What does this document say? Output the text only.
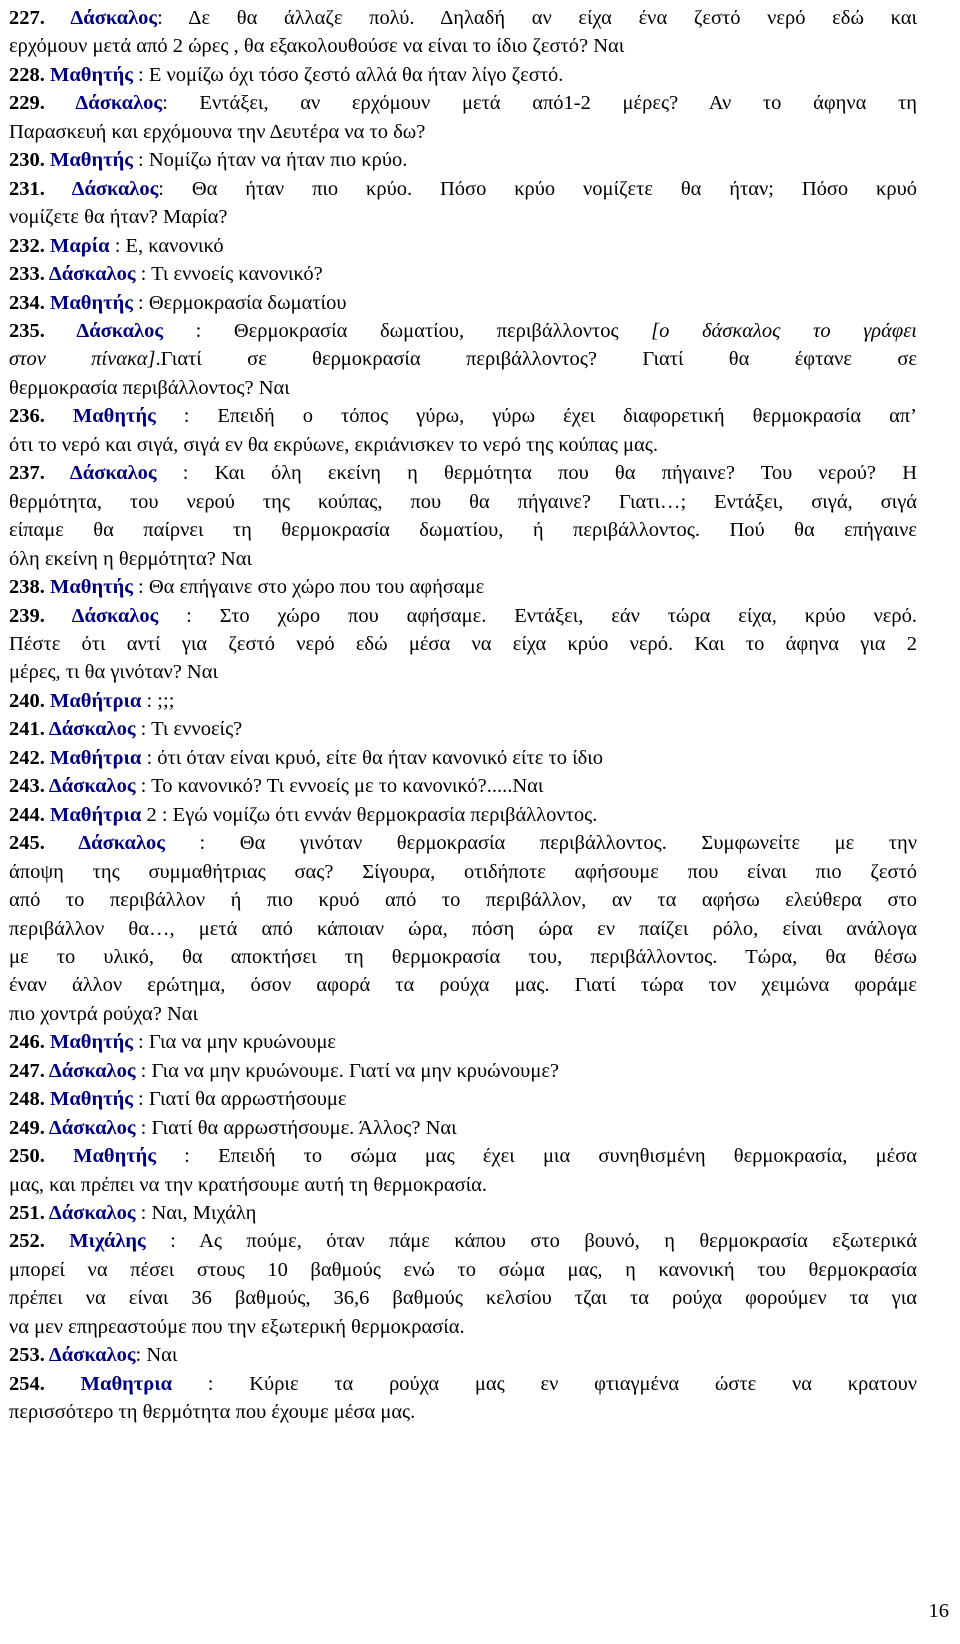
227. Δάσκαλος: Δε θα άλλαζε πολύ. Δηλαδή αν είχα ένα ζεστό νερό εδώ και
ερχόμουν μετά από 2 ώρες , θα εξακολουθούσε να είναι το ίδιο ζεστό? Ναι
228. Μαθητής : Ε νομίζω όχι τόσο ζεστό αλλά θα ήταν λίγο ζεστό.
229. Δάσκαλος: Εντάξει, αν ερχόμουν μετά από1-2 μέρες? Αν το άφηνα τη
Παρασκευή και ερχόμουνα την Δευτέρα να το δω?
230. Μαθητής : Νομίζω ήταν να ήταν πιο κρύο.
231. Δάσκαλος: Θα ήταν πιο κρύο. Πόσο κρύο νομίζετε θα ήταν; Πόσο κρυό
νομίζετε θα ήταν? Μαρία?
232. Μαρία : Ε, κανονικό
233. Δάσκαλος : Τι εννοείς κανονικό?
234. Μαθητής : Θερμοκρασία δωματίου
235. Δάσκαλος : Θερμοκρασία δωματίου, περιβάλλοντος [ο δάσκαλος το γράφει
στον πίνακα].Γιατί σε θερμοκρασία περιβάλλοντος? Γιατί θα έφτανε σε
θερμοκρασία περιβάλλοντος? Ναι
236. Μαθητής : Επειδή ο τόπος γύρω, γύρω έχει διαφορετική θερμοκρασία απ’
ότι το νερό και σιγά, σιγά εν θα εκρύωνε, εκριάνισκεν το νερό της κούπας μας.
237. Δάσκαλος : Και όλη εκείνη η θερμότητα που θα πήγαινε? Του νερού? Η
θερμότητα, του νερού της κούπας, που θα πήγαινε? Γιατι…; Εντάξει, σιγά, σιγά
είπαμε θα παίρνει τη θερμοκρασία δωματίου, ή περιβάλλοντος. Πού θα επήγαινε
όλη εκείνη η θερμότητα? Ναι
238. Μαθητής : Θα επήγαινε στο χώρο που του αφήσαμε
239. Δάσκαλος : Στο χώρο που αφήσαμε. Εντάξει, εάν τώρα είχα, κρύο νερό.
Πέστε ότι αντί για ζεστό νερό εδώ μέσα να είχα κρύο νερό. Και το άφηνα για 2
μέρες, τι θα γινόταν? Ναι
240. Μαθήτρια : ;;;
241. Δάσκαλος : Τι εννοείς?
242. Μαθήτρια : ότι όταν είναι κρυό, είτε θα ήταν κανονικό είτε το ίδιο
243. Δάσκαλος : Το κανονικό? Τι εννοείς με το κανονικό?.....Ναι
244. Μαθήτρια 2 : Εγώ νομίζω ότι εννάν θερμοκρασία περιβάλλοντος.
245. Δάσκαλος : Θα γινόταν θερμοκρασία περιβάλλοντος. Συμφωνείτε με την
άποψη της συμμαθήτριας σας? Σίγουρα, οτιδήποτε αφήσουμε που είναι πιο ζεστό
από το περιβάλλον ή πιο κρυό από το περιβάλλον, αν τα αφήσω ελεύθερα στο
περιβάλλον θα…, μετά από κάποιαν ώρα, πόση ώρα εν παίζει ρόλο, είναι ανάλογα
με το υλικό, θα αποκτήσει τη θερμοκρασία του, περιβάλλοντος. Τώρα, θα θέσω
έναν άλλον ερώτημα, όσον αφορά τα ρούχα μας. Γιατί τώρα τον χειμώνα φοράμε
πιο χοντρά ρούχα? Ναι
246. Μαθητής : Για να μην κρυώνουμε
247. Δάσκαλος : Για να μην κρυώνουμε. Γιατί να μην κρυώνουμε?
248. Μαθητής : Γιατί θα αρρωστήσουμε
249. Δάσκαλος : Γιατί θα αρρωστήσουμε. Άλλος? Ναι
250. Μαθητής : Επειδή το σώμα μας έχει μια συνηθισμένη θερμοκρασία, μέσα
μας, και πρέπει να την κρατήσουμε αυτή τη θερμοκρασία.
251. Δάσκαλος : Ναι, Μιχάλη
252. Μιχάλης : Ας πούμε, όταν πάμε κάπου στο βουνό, η θερμοκρασία εξωτερικά
μπορεί να πέσει στους 10 βαθμούς ενώ το σώμα μας, η κανονική του θερμοκρασία
πρέπει να είναι 36 βαθμούς, 36,6 βαθμούς κελσίου τζαι τα ρούχα φορούμεν τα για
να μεν επηρεαστούμε που την εξωτερική θερμοκρασία.
253. Δάσκαλος: Ναι
254. Μαθητρια : Κύριε τα ρούχα μας εν φτιαγμένα ώστε να κρατουν
περισσότερο τη θερμότητα που έχουμε μέσα μας.
16
